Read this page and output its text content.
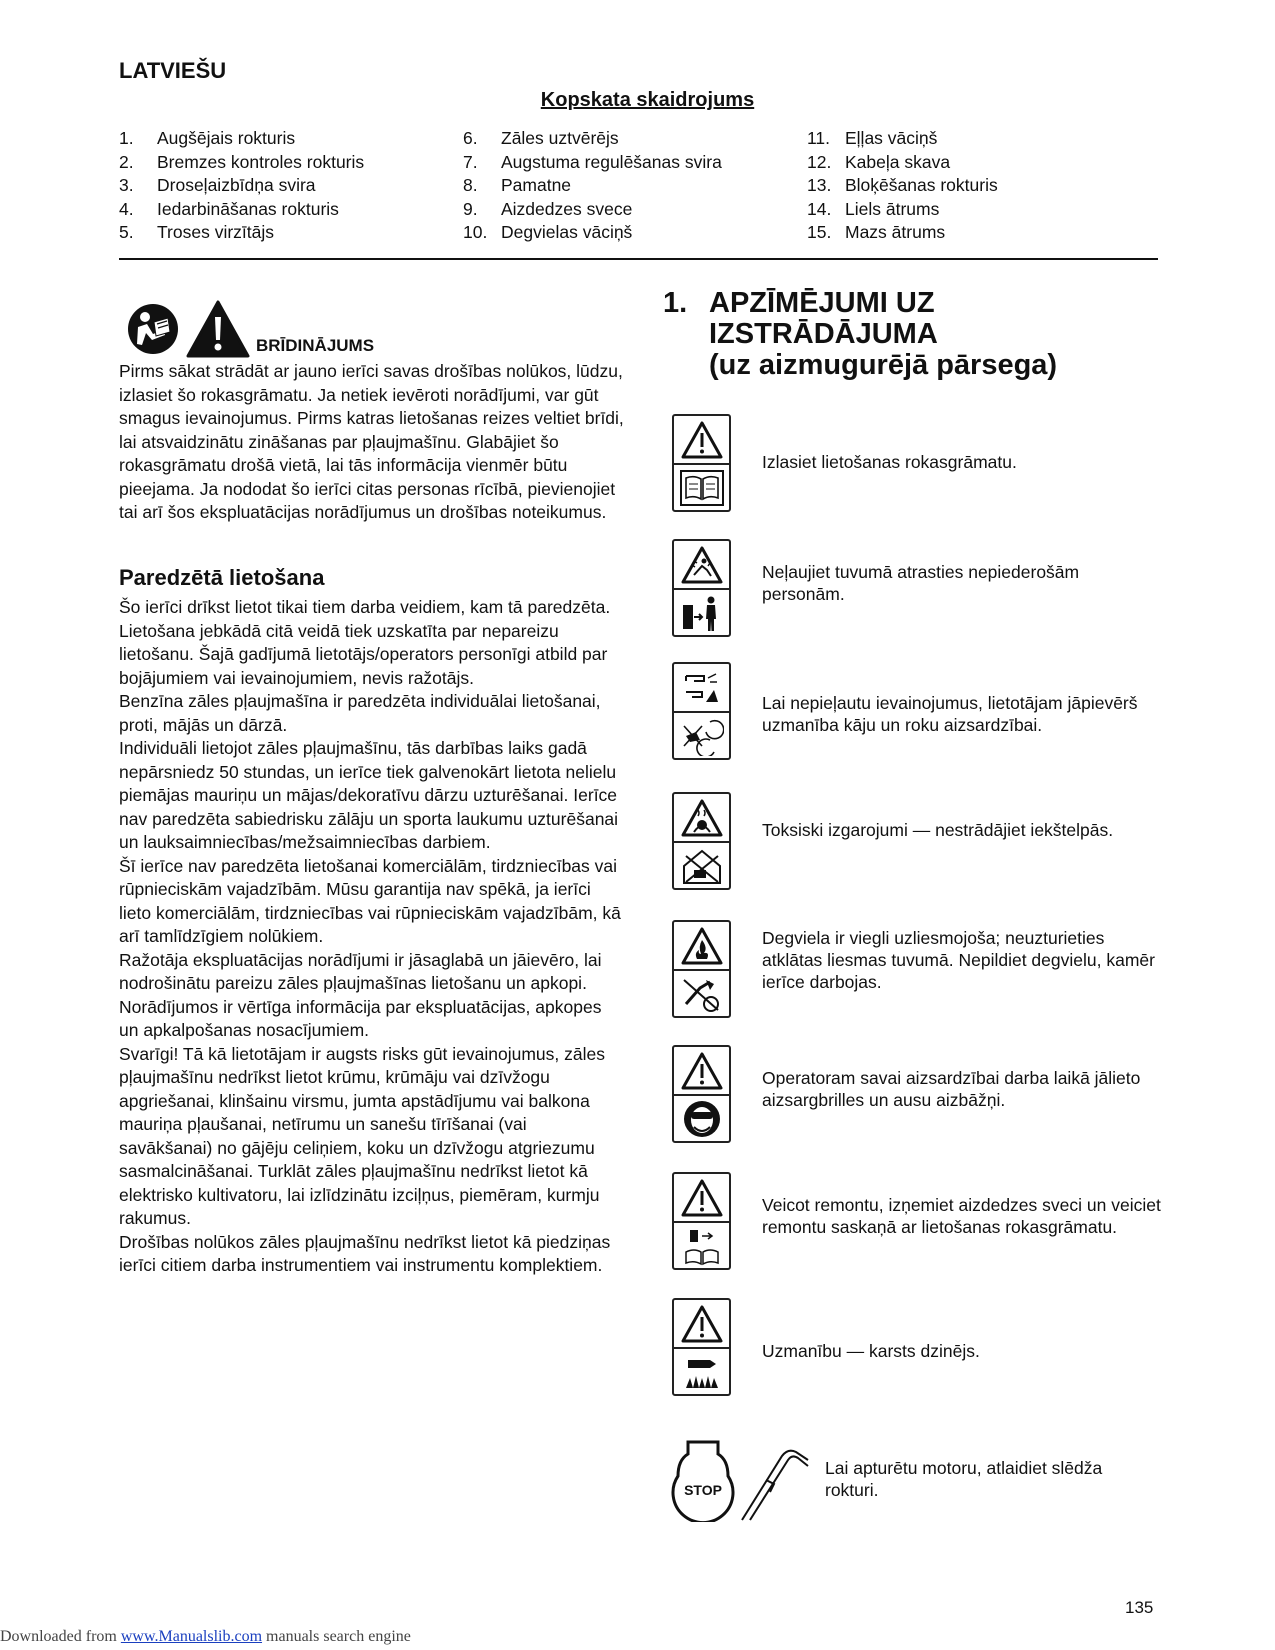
LATVIEŠU
Kopskata skaidrojums
1.	Augšējais rokturis
2.	Bremzes kontroles rokturis
3.	Droseļaizbīdņa svira
4.	Iedarbināšanas rokturis
5.	Troses virzītājs
6.	Zāles uztvērējs
7.	Augstuma regulēšanas svira
8.	Pamatne
9.	Aizdedzes svece
10. Degvielas vāciņš
11. Eļļas vāciņš
12. Kabeļa skava
13. Bloķēšanas rokturis
14. Liels ātrums
15. Mazs ātrums
BRĪDINĀJUMS
Pirms sākat strādāt ar jauno ierīci savas drošības nolūkos, lūdzu, izlasiet šo rokasgrāmatu. Ja netiek ievēroti norādījumi, var gūt smagus ievainojumus. Pirms katras lietošanas reizes veltiet brīdi, lai atsvaidzinātu zināšanas par pļaujmašīnu. Glabājiet šo rokasgrāmatu drošā vietā, lai tās informācija vienmēr būtu pieejama. Ja nododat šo ierīci citas personas rīcībā, pievienojiet tai arī šos ekspluatācijas norādījumus un drošības noteikumus.
Paredzētā lietošana

Šo ierīci drīkst lietot tikai tiem darba veidiem, kam tā paredzēta. Lietošana jebkādā citā veidā tiek uzskatīta par nepareizu lietošanu. Šajā gadījumā lietotājs/operators personīgi atbild par bojājumiem vai ievainojumiem, nevis ražotājs.

Benzīna zāles pļaujmašīna ir paredzēta individuālai lietošanai, proti, mājās un dārzā.

Individuāli lietojot zāles pļaujmašīnu, tās darbības laiks gadā nepārsniedz 50 stundas, un ierīce tiek galvenokārt lietota nelielu piemājas mauriņu un mājas/dekoratīvu dārzu uzturēšanai. Ierīce nav paredzēta sabiedrisku zālāju un sporta laukumu uzturēšanai un lauksaimniecības/mežsaimniecības darbiem.

Šī ierīce nav paredzēta lietošanai komerciālām, tirdzniecības vai rūpnieciskām vajadzībām. Mūsu garantija nav spēkā, ja ierīci lieto komerciālām, tirdzniecības vai rūpnieciskām vajadzībām, kā arī tamlīdzīgiem nolūkiem.

Ražotāja ekspluatācijas norādījumi ir jāsaglabā un jāievēro, lai nodrošinātu pareizu zāles pļaujmašīnas lietošanu un apkopi. Norādījumos ir vērtīga informācija par ekspluatācijas, apkopes un apkalpošanas nosacījumiem.

Svarīgi! Tā kā lietotājam ir augsts risks gūt ievainojumus, zāles pļaujmašīnu nedrīkst lietot krūmu, krūmāju vai dzīvžogu apgriešanai, klinšainu virsmu, jumta apstādījumu vai balkona mauriņa pļaušanai, netīrumu un sanešu tīrīšanai (vai savākšanai) no gājēju celiņiem, koku un dzīvžogu atgriezumu sasmalcināšanai. Turklāt zāles pļaujmašīnu nedrīkst lietot kā elektrisko kultivatoru, lai izlīdzinātu izciļņus, piemēram, kurmju rakumus.

Drošības nolūkos zāles pļaujmašīnu nedrīkst lietot kā piedziņas ierīci citiem darba instrumentiem vai instrumentu komplektiem.

1. APZĪMĒJUMI UZ
IZSTRĀDĀJUMA
(uz aizmugurējā pārsega)
Izlasiet lietošanas rokasgrāmatu.
Neļaujiet tuvumā atrasties nepiederošām personām.
Lai nepieļautu ievainojumus, lietotājam jāpievērš uzmanība kāju un roku aizsardzībai.
Toksiski izgarojumi — nestrādājiet iekštelpās.
Degviela ir viegli uzliesmojoša; neuzturieties atklātas liesmas tuvumā. Nepildiet degvielu, kamēr ierīce darbojas.
Operatoram savai aizsardzībai darba laikā jālieto aizsargbrilles un ausu aizbāžņi.
Veicot remontu, izņemiet aizdedzes sveci un veiciet remontu saskaņā ar lietošanas rokasgrāmatu.
Uzmanību — karsts dzinējs.
STOP
Lai apturētu motoru, atlaidiet slēdža rokturi.
135
Downloaded from www.Manualslib.com manuals search engine
